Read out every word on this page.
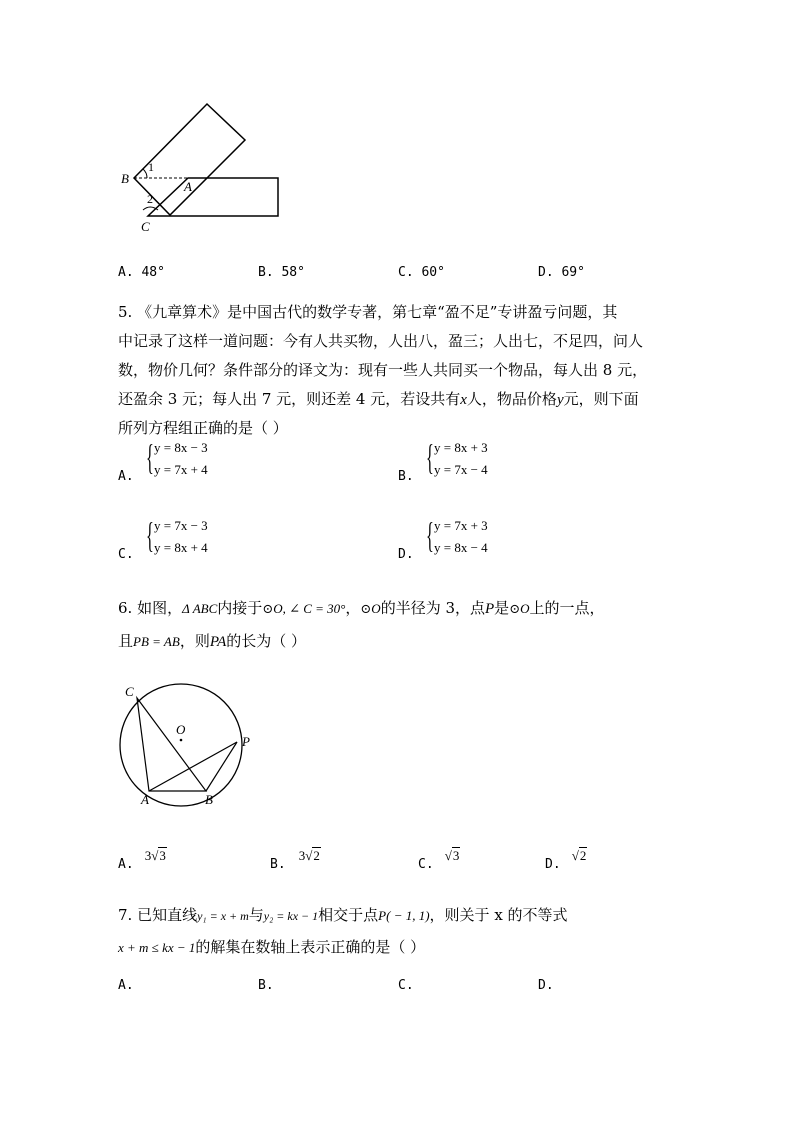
B
A
C
1
2
A. 48°	B. 58°	C. 60°	D. 69°
5. 《九章算术》是中国古代的数学专著，第七章“盈不足”专讲盈亏问题，其
中记录了这样一道问题：今有人共买物，人出八，盈三；人出七，不足四，问人
数，物价几何？条件部分的译文为：现有一些人共同买一个物品，每人出 8 元，
还盈余 3 元；每人出 7 元，则还差 4 元，若设共有x人，物品价格y元，则下面
所列方程组正确的是（ ）
A. { y = 8x − 3
y = 7x + 4	B. { y = 8x + 3
y = 7x − 4
C. { y = 7x − 3
y = 8x + 4	D. { y = 7x + 3
y = 8x − 4
6. 如图，Δ ABC内接于⊙O, ∠ C = 30°，⊙O的半径为 3，点P是⊙O上的一点，
且PB = AB，则PA的长为（ ）
C
O
P
A	B
$_{A.}$ 3√3
$_{B.}$ 3√2
$_{C.}$ √3
$_{D.}$ √2
7. 已知直线y₁ = x + m与y₂ = kx − 1相交于点P( − 1, 1)，则关于 x 的不等式
x + m ≤ kx − 1的解集在数轴上表示正确的是（ ）
A.	B.	C.	D.
